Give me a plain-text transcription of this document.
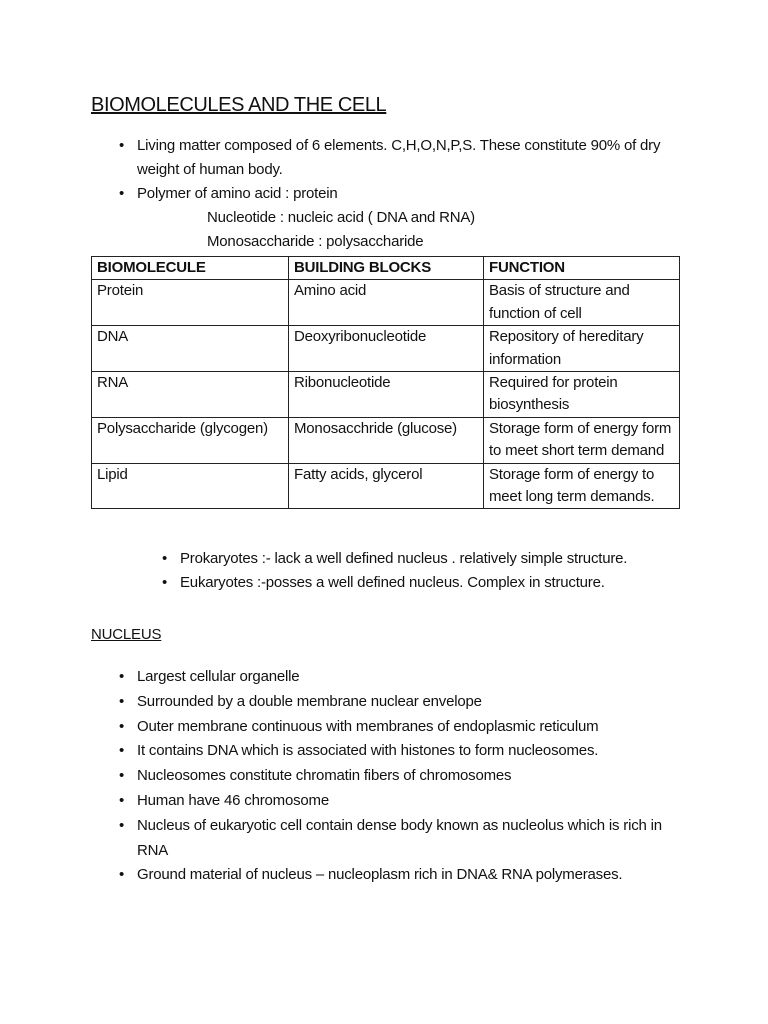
BIOMOLECULES AND THE CELL
• Living matter composed of 6 elements. C,H,O,N,P,S. These constitute 90% of dry weight of human body.
• Polymer of amino acid : protein
Nucleotide : nucleic acid ( DNA and RNA)
Monosaccharide : polysaccharide
BIOMOLECULE	BUILDING BLOCKS	FUNCTION
Protein	Amino acid	Basis of structure and function of cell
DNA	Deoxyribonucleotide	Repository of hereditary information
RNA	Ribonucleotide	Required for protein biosynthesis
Polysaccharide (glycogen)	Monosacchride (glucose)	Storage form of energy form to meet short term demand
Lipid	Fatty acids, glycerol	Storage form of energy to meet long term demands.
• Prokaryotes :- lack a well defined nucleus . relatively simple structure.
• Eukaryotes :-posses a well defined nucleus. Complex in structure.
NUCLEUS
• Largest cellular organelle
• Surrounded by a double membrane nuclear envelope
• Outer membrane continuous with membranes of endoplasmic reticulum
• It contains DNA which is associated with histones to form nucleosomes.
• Nucleosomes constitute chromatin fibers of chromosomes
• Human have 46 chromosome
• Nucleus of eukaryotic cell contain dense body known as nucleolus which is rich in RNA
• Ground material of nucleus – nucleoplasm rich in DNA& RNA polymerases.
